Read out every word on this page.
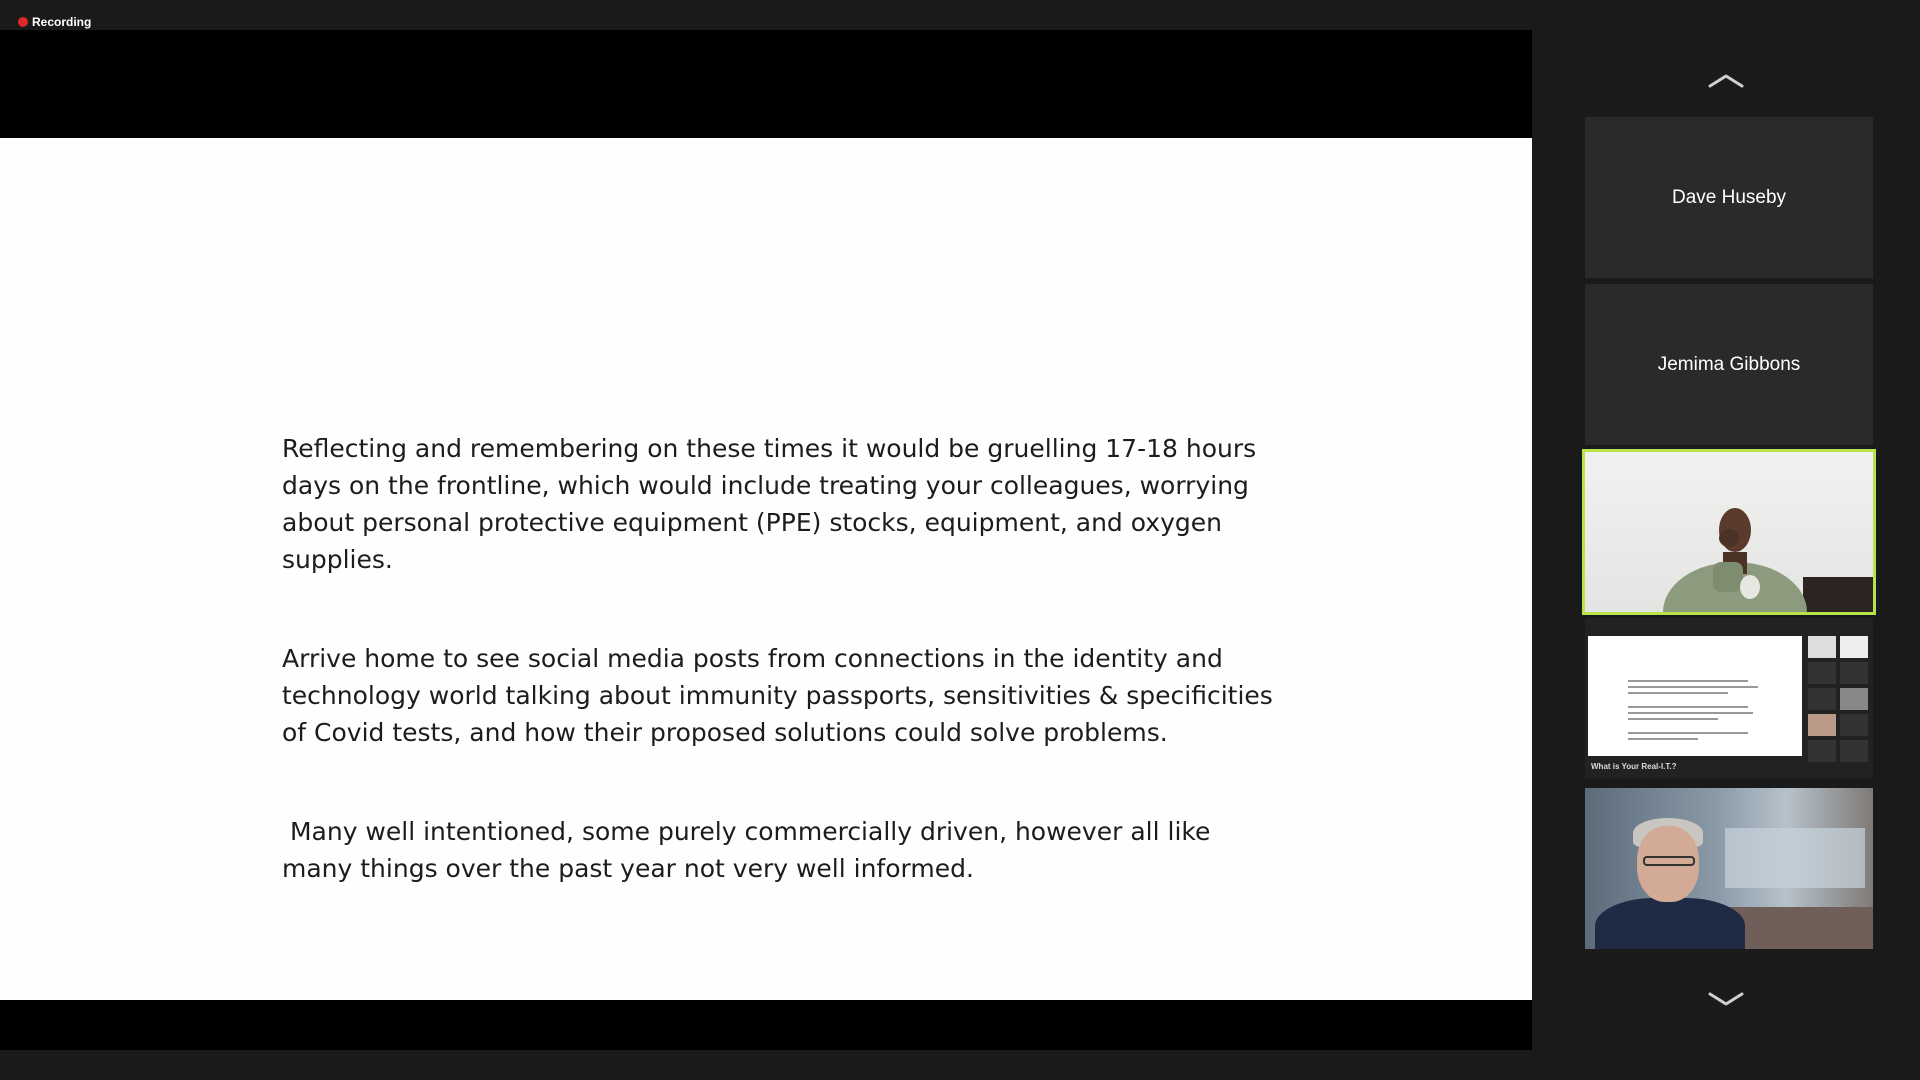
Recording

Reflecting and remembering on these times it would be gruelling 17-18 hours days on the frontline, which would include treating your colleagues, worrying about personal protective equipment (PPE) stocks, equipment, and oxygen supplies.

Arrive home to see social media posts from connections in the identity and technology world talking about immunity passports, sensitivities & specificities of Covid tests, and how their proposed solutions could solve problems.

Many well intentioned, some purely commercially driven, however all like many things over the past year not very well informed.

Dave Huseby
Jemima Gibbons
What is Your Real-I.T.?
